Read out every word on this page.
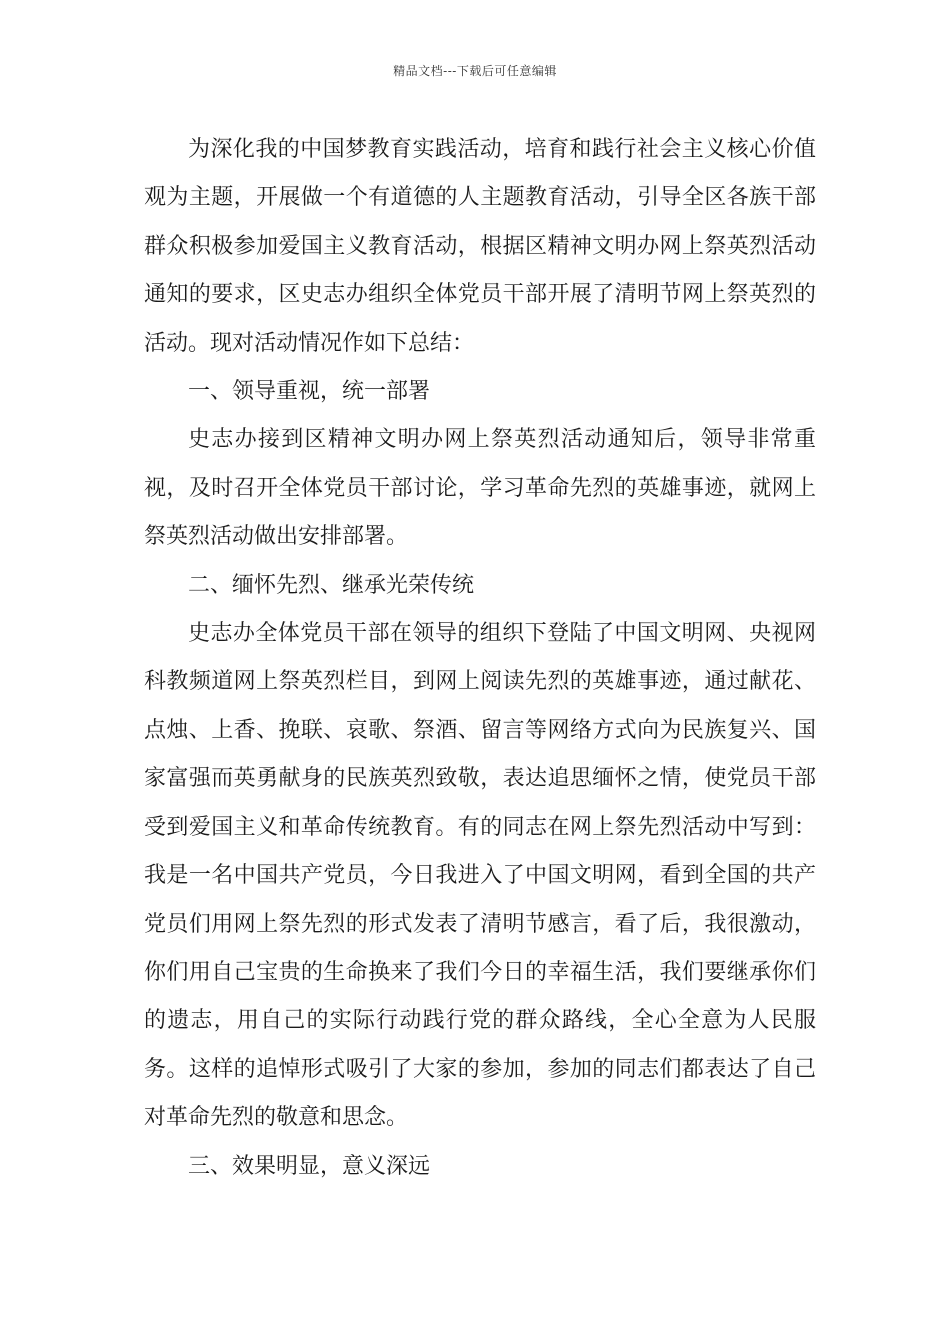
精品文档---下载后可任意编辑

为深化我的中国梦教育实践活动，培育和践行社会主义核心价值观为主题，开展做一个有道德的人主题教育活动，引导全区各族干部群众积极参加爱国主义教育活动，根据区精神文明办网上祭英烈活动通知的要求，区史志办组织全体党员干部开展了清明节网上祭英烈的活动。现对活动情况作如下总结：

一、领导重视，统一部署

史志办接到区精神文明办网上祭英烈活动通知后，领导非常重视，及时召开全体党员干部讨论，学习革命先烈的英雄事迹，就网上祭英烈活动做出安排部署。

二、缅怀先烈、继承光荣传统

史志办全体党员干部在领导的组织下登陆了中国文明网、央视网科教频道网上祭英烈栏目，到网上阅读先烈的英雄事迹，通过献花、点烛、上香、挽联、哀歌、祭酒、留言等网络方式向为民族复兴、国家富强而英勇献身的民族英烈致敬，表达追思缅怀之情，使党员干部受到爱国主义和革命传统教育。有的同志在网上祭先烈活动中写到：我是一名中国共产党员，今日我进入了中国文明网，看到全国的共产党员们用网上祭先烈的形式发表了清明节感言，看了后，我很激动，你们用自己宝贵的生命换来了我们今日的幸福生活，我们要继承你们的遗志，用自己的实际行动践行党的群众路线，全心全意为人民服务。这样的追悼形式吸引了大家的参加，参加的同志们都表达了自己对革命先烈的敬意和思念。

三、效果明显，意义深远
